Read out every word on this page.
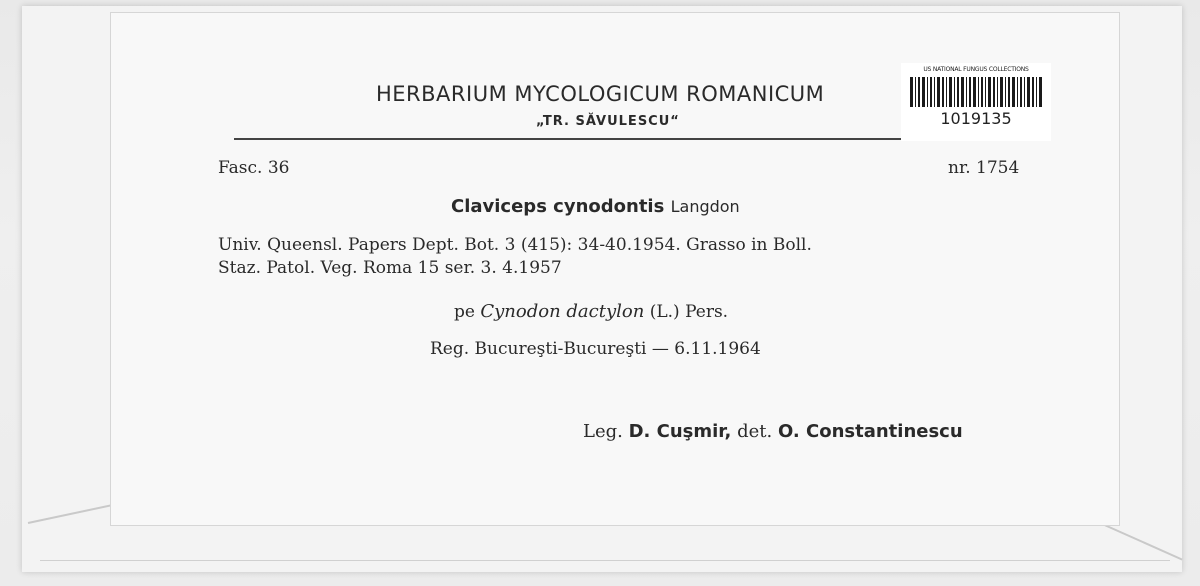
HERBARIUM MYCOLOGICUM ROMANICUM
„TR. SĂVULESCU“
US NATIONAL FUNGUS COLLECTIONS
1019135
Fasc. 36	nr. 1754
Claviceps cynodontis Langdon
Univ. Queensl. Papers Dept. Bot. 3 (415): 34-40.1954. Grasso in Boll.
Staz. Patol. Veg. Roma 15 ser. 3. 4.1957
pe Cynodon dactylon (L.) Pers.
Reg. Bucureşti-Bucureşti — 6.11.1964
Leg. D. Cuşmir, det. O. Constantinescu
